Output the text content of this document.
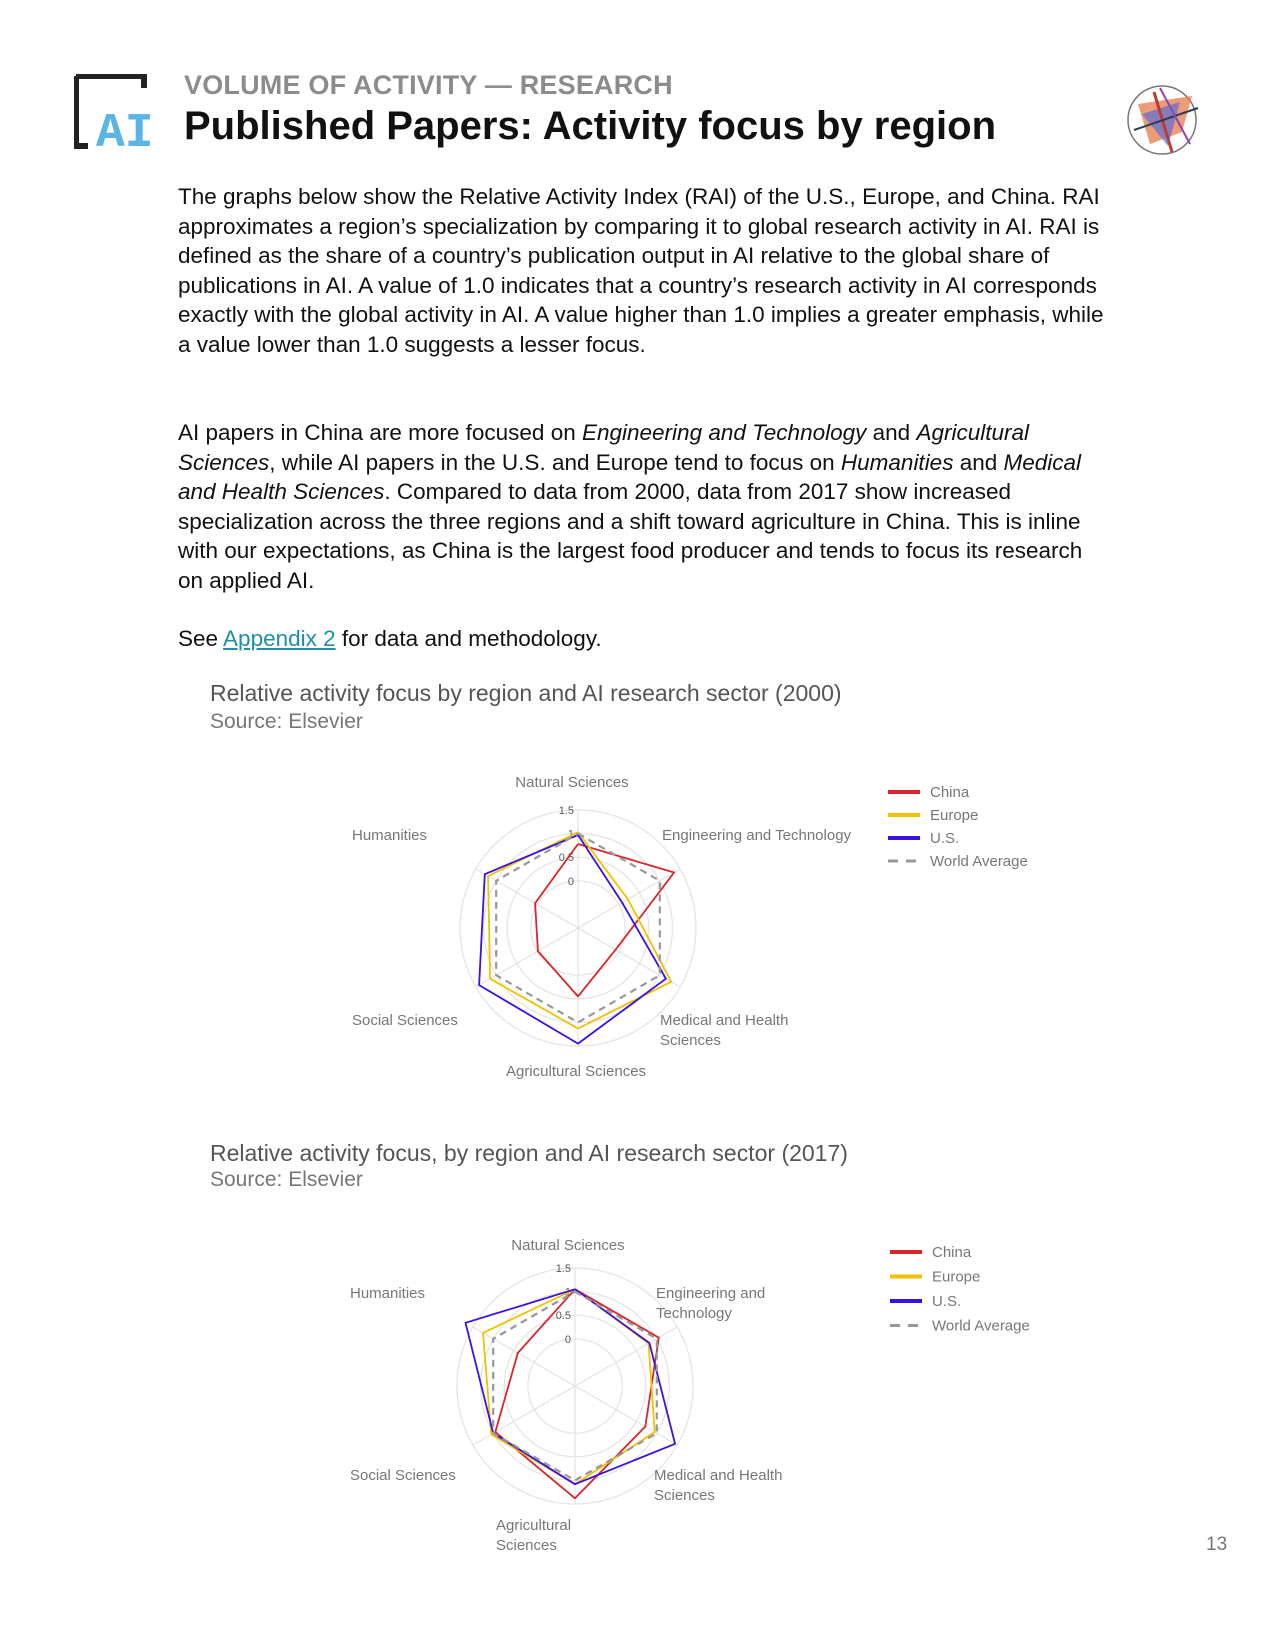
AI
VOLUME OF ACTIVITY — RESEARCH
Published Papers: Activity focus by region

The graphs below show the Relative Activity Index (RAI) of the U.S., Europe, and China. RAI approximates a region’s specialization by comparing it to global research activity in AI. RAI is defined as the share of a country’s publication output in AI relative to the global share of publications in AI. A value of 1.0 indicates that a country’s research activity in AI corresponds exactly with the global activity in AI. A value higher than 1.0 implies a greater emphasis, while a value lower than 1.0 suggests a lesser focus.

AI papers in China are more focused on Engineering and Technology and Agricultural Sciences, while AI papers in the U.S. and Europe tend to focus on Humanities and Medical and Health Sciences. Compared to data from 2000, data from 2017 show increased specialization across the three regions and a shift toward agriculture in China. This is inline with our expectations, as China is the largest food producer and tends to focus its research on applied AI.

See Appendix 2 for data and methodology.

Relative activity focus by region and AI research sector (2000)
Source: Elsevier
0
0.5
1
1.5
Natural Sciences
Engineering and Technology
Medical and Health Sciences
Agricultural Sciences
Social Sciences
Humanities
China
Europe
U.S.
World Average
Relative activity focus, by region and AI research sector (2017)
Source: Elsevier
0
0.5
1
1.5
Natural Sciences
Engineering and Technology
Medical and Health Sciences
Agricultural Sciences
Social Sciences
Humanities
China
Europe
U.S.
World Average
13
